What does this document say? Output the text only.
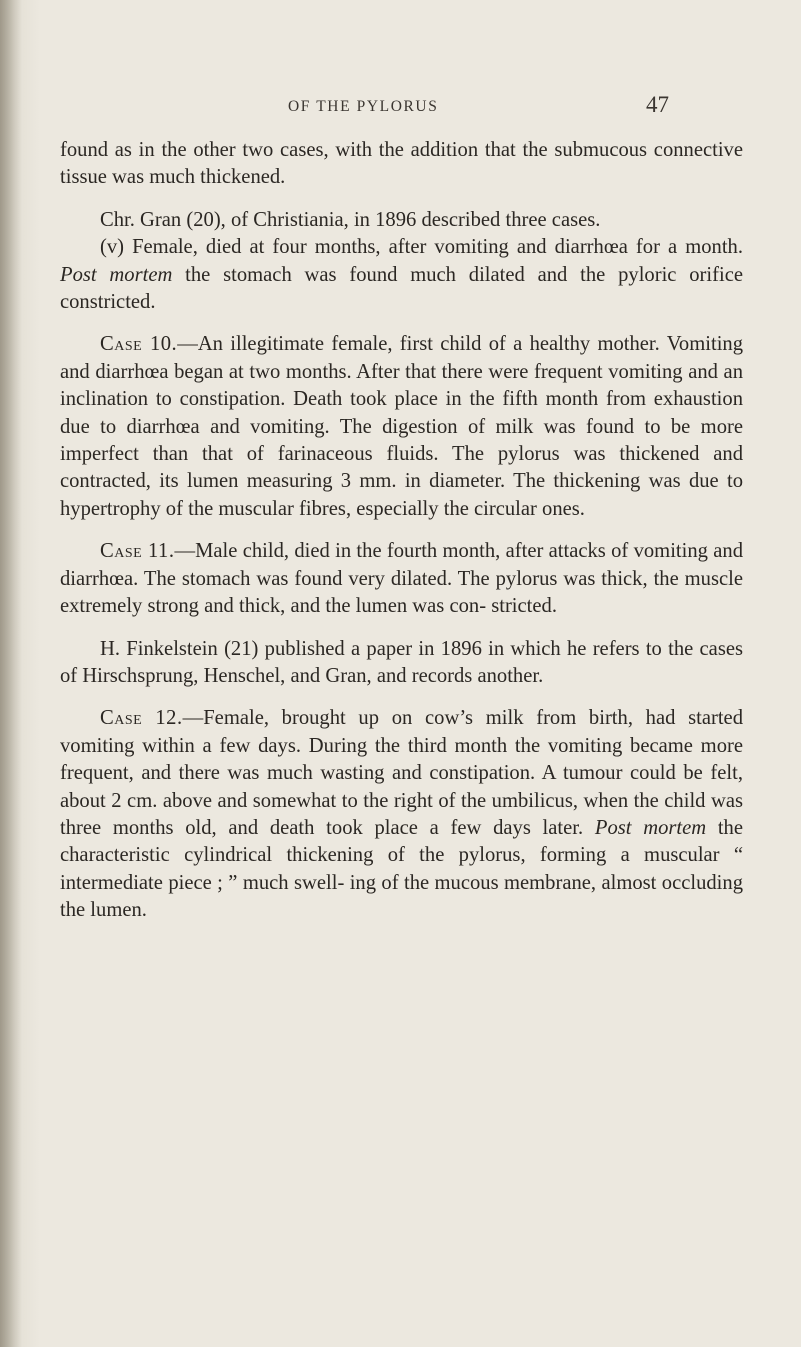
OF THE PYLORUS	47

found as in the other two cases, with the addition that the submucous connective tissue was much thickened.

Chr. Gran (20), of Christiania, in 1896 described three cases.

(v) Female, died at four months, after vomiting and diarrhœa for a month. Post mortem the stomach was found much dilated and the pyloric orifice constricted.

Case 10.—An illegitimate female, first child of a healthy mother. Vomiting and diarrhœa began at two months. After that there were frequent vomiting and an inclination to constipation. Death took place in the fifth month from exhaustion due to diarrhœa and vomiting. The digestion of milk was found to be more imperfect than that of farinaceous fluids. The pylorus was thickened and contracted, its lumen measuring 3 mm. in diameter. The thickening was due to hypertrophy of the muscular fibres, especially the circular ones.

Case 11.—Male child, died in the fourth month, after attacks of vomiting and diarrhœa. The stomach was found very dilated. The pylorus was thick, the muscle extremely strong and thick, and the lumen was con- stricted.

H. Finkelstein (21) published a paper in 1896 in which he refers to the cases of Hirschsprung, Henschel, and Gran, and records another.

Case 12.—Female, brought up on cow’s milk from birth, had started vomiting within a few days. During the third month the vomiting became more frequent, and there was much wasting and constipation. A tumour could be felt, about 2 cm. above and somewhat to the right of the umbilicus, when the child was three months old, and death took place a few days later. Post mortem the characteristic cylindrical thickening of the pylorus, forming a muscular “ intermediate piece ; ” much swell- ing of the mucous membrane, almost occluding the lumen.
